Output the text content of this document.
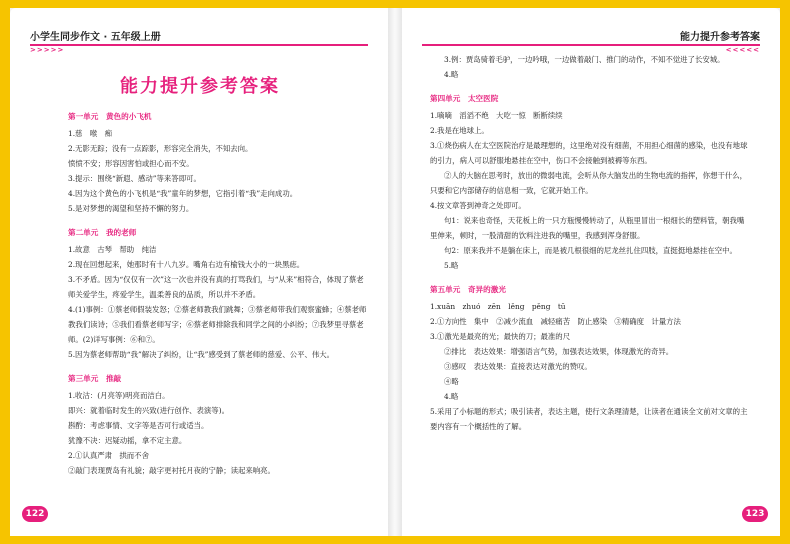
小学生同步作文 · 五年级上册
>>>>>
能力提升参考答案

第一单元　黄色的小飞机

1.慈　喉　痴

2.无影无踪；没有一点踪影，形容完全消失，不知去向。

愤愤不安；形容因害怕或担心而不安。

3.提示：围绕“新遐、感动”等来答即可。

4.因为这个黄色的小飞机是“我”童年的梦想，它指引着“我”走向成功。

5.是对梦想的渴望和坚持不懈的努力。

第二单元　我的老师

1.故意　古琴　帮助　纯洁

2.现在回想起来，她那时有十八九岁。嘴角右边有榆钱大小的一块黑痣。

3.不矛盾。因为“仅仅有一次”这一次也并没有真的打骂我们，与“从来”相符合，体现了蔡老师关爱学生，疼爱学生，温柔善良的品质，所以并不矛盾。

4.(1)事例：①蔡老师假装发怒；②蔡老师教我们跳舞；③蔡老师带我们观察蜜蜂；④蔡老师教我们读诗；⑤我们看蔡老师写字；⑥蔡老师排除我和同学之间的小纠纷；⑦我梦里寻蔡老师。(2)详写事例：⑥和⑦。

5.因为蔡老师帮助“我”解决了纠纷，让“我”感受到了蔡老师的慈爱、公平、伟大。

第三单元　推敲

1.收沽：(月亮等)明亮而洁白。

即兴：就着临时发生的兴致(进行创作、表演等)。

斟酌：考虑事情、文字等是否可行或适当。

犹豫不决：迟疑动摇，拿不定主意。

2.①认真严肃　拱而不舍

②敲门表现贾岛有礼貌；敲字更衬托月夜的宁静；读起来响亮。

122
能力提升参考答案
<<<<<

3.例：贾岛骑着毛驴，一边吟哦，一边做着敲门、推门的动作，不知不觉进了长安城。

4.略

第四单元　太空医院

1.嘀嘀　滔滔不绝　大吃一惊　断断续续

2.我是在地球上。

3.①烧伤病人在太空医院治疗是最理想的，这里绝对没有细菌，不用担心细菌的感染，也没有地球的引力，病人可以舒服地悬挂在空中，伤口不会接触到被褥等东西。

②人的大脑在思考时，放出的微弱电流，会听从你大脑发出的生物电流的指挥，你想干什么，只要和它内部储存的信息相一致，它就开始工作。

4.按文章答到神奇之处即可。

句1：说来也奇怪，天花板上的一只方瓶慢慢转动了，从瓶里冒出一根细长的塑料管，朝我嘴里伸来，顿时，一股清甜的饮料注进我的嘴里，我感到浑身舒服。

句2：原来我并不是躺在床上，而是被几根很细的尼龙丝扎住四肢，直挺挺地悬挂在空中。

5.略

第五单元　奇异的激光

1.xuān　zhuó　zēn　lěng　pěng　tū

2.①方向性　集中　②减少流血　减轻痛苦　防止感染　③精确度　计量方法

3.①激光是最亮的光；最快的刀；最准的尺

②排比　表达效果：增强语言气势，加强表达效果，体现激光的奇异。

③感叹　表达效果：直接表达对激光的赞叹。

④略

4.略

5.采用了小标题的形式；吸引读者，表达主题，使行文条理清楚，让读者在通读全文前对文章的主要内容有一个概括性的了解。

123
